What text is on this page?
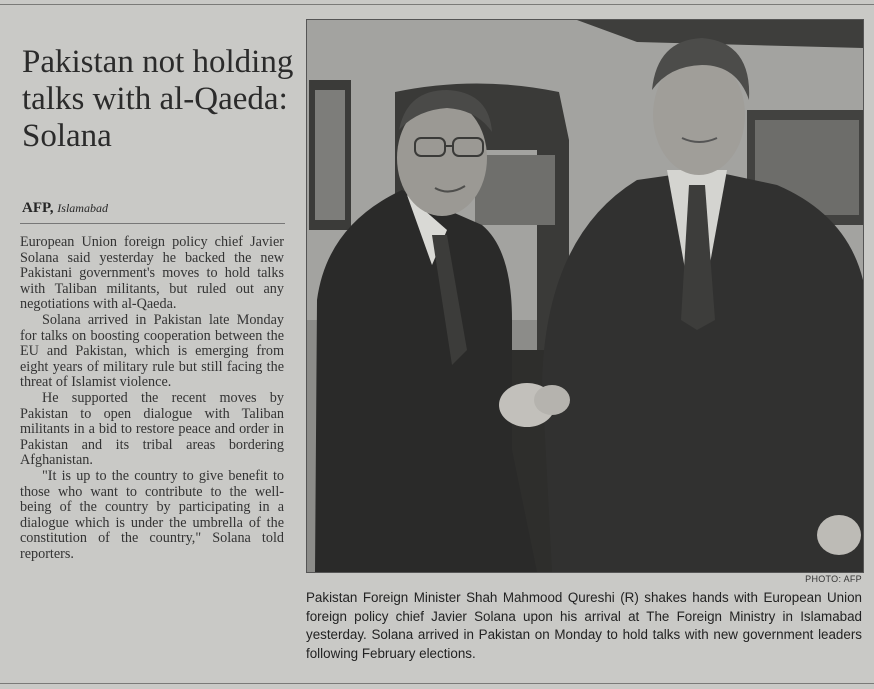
Pakistan not holding talks with al-Qaeda: Solana
AFP, Islamabad

European Union foreign policy chief Javier Solana said yesterday he backed the new Pakistani government's moves to hold talks with Taliban militants, but ruled out any negotiations with al-Qaeda.

Solana arrived in Pakistan late Monday for talks on boosting cooperation between the EU and Pakistan, which is emerging from eight years of military rule but still facing the threat of Islamist violence.

He supported the recent moves by Pakistan to open dialogue with Taliban militants in a bid to restore peace and order in Pakistan and its tribal areas bordering Afghanistan.

"It is up to the country to give benefit to those who want to contribute to the well-being of the country by participating in a dialogue which is under the umbrella of the constitution of the country," Solana told reporters.

PHOTO: AFP
Pakistan Foreign Minister Shah Mahmood Qureshi (R) shakes hands with European Union foreign policy chief Javier Solana upon his arrival at The Foreign Ministry in Islamabad yesterday. Solana arrived in Pakistan on Monday to hold talks with new government leaders following February elections.
